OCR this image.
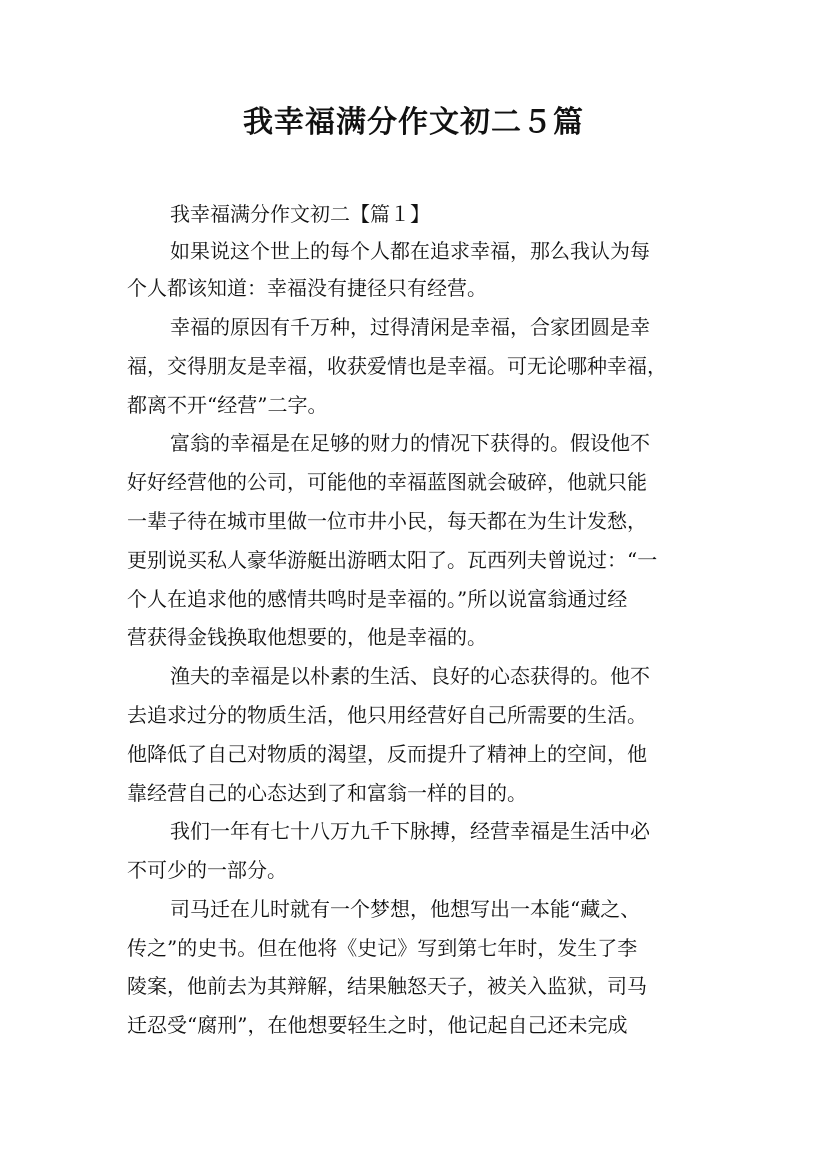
我幸福满分作文初二５篇
我幸福满分作文初二【篇１】
如果说这个世上的每个人都在追求幸福，那么我认为每
个人都该知道：幸福没有捷径只有经营。
幸福的原因有千万种，过得清闲是幸福，合家团圆是幸
福，交得朋友是幸福，收获爱情也是幸福。可无论哪种幸福，
都离不开“经营”二字。
富翁的幸福是在足够的财力的情况下获得的。假设他不
好好经营他的公司，可能他的幸福蓝图就会破碎，他就只能
一辈子待在城市里做一位市井小民，每天都在为生计发愁，
更别说买私人豪华游艇出游晒太阳了。瓦西列夫曾说过：“一
个人在追求他的感情共鸣时是幸福的。”所以说富翁通过经
营获得金钱换取他想要的，他是幸福的。
渔夫的幸福是以朴素的生活、良好的心态获得的。他不
去追求过分的物质生活，他只用经营好自己所需要的生活。
他降低了自己对物质的渴望，反而提升了精神上的空间，他
靠经营自己的心态达到了和富翁一样的目的。
我们一年有七十八万九千下脉搏，经营幸福是生活中必
不可少的一部分。
司马迁在儿时就有一个梦想，他想写出一本能“藏之、
传之”的史书。但在他将《史记》写到第七年时，发生了李
陵案，他前去为其辩解，结果触怒天子，被关入监狱，司马
迁忍受“腐刑”，在他想要轻生之时，他记起自己还未完成
